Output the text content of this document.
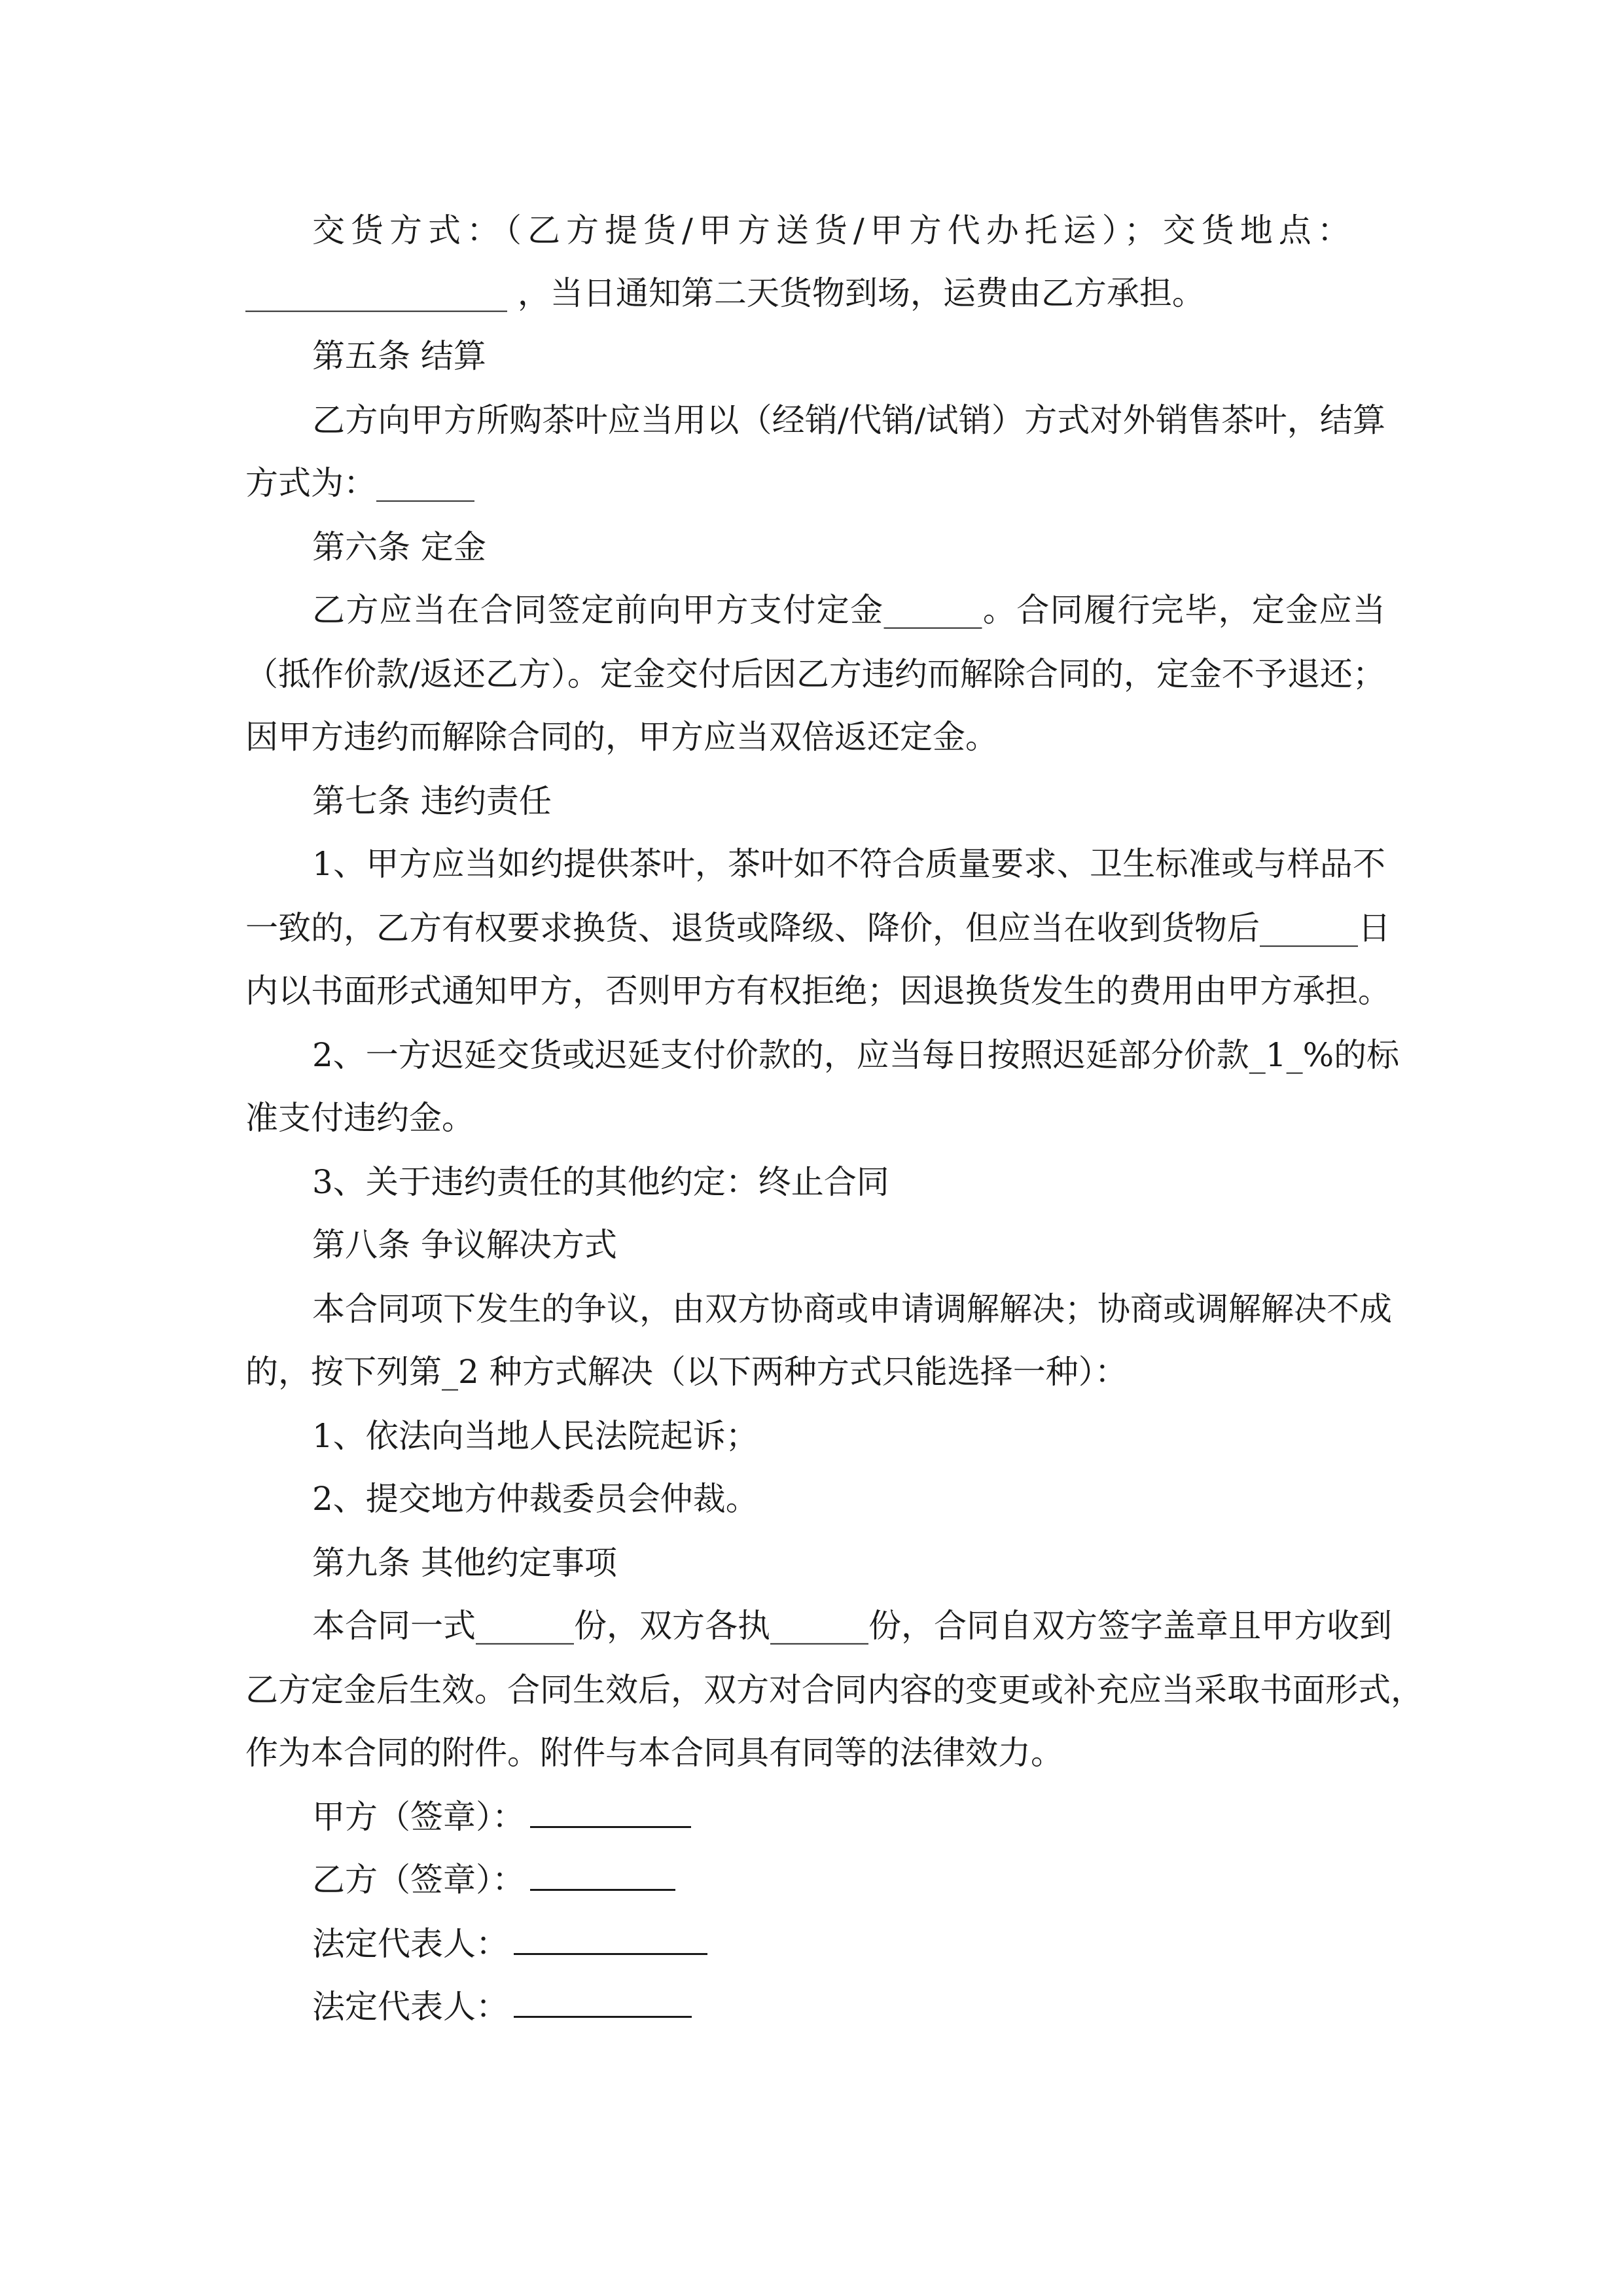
交货方式：（乙方提货/甲方送货/甲方代办托运）；交货地点：
________________ ，当日通知第二天货物到场，运费由乙方承担。
第五条 结算
乙方向甲方所购茶叶应当用以（经销/代销/试销）方式对外销售茶叶，结算
方式为：______
第六条 定金
乙方应当在合同签定前向甲方支付定金______。合同履行完毕，定金应当
（抵作价款/返还乙方）。定金交付后因乙方违约而解除合同的，定金不予退还；
因甲方违约而解除合同的，甲方应当双倍返还定金。
第七条 违约责任
1、甲方应当如约提供茶叶，茶叶如不符合质量要求、卫生标准或与样品不
一致的，乙方有权要求换货、退货或降级、降价，但应当在收到货物后______日
内以书面形式通知甲方，否则甲方有权拒绝；因退换货发生的费用由甲方承担。
2、一方迟延交货或迟延支付价款的，应当每日按照迟延部分价款_1_%的标
准支付违约金。
3、关于违约责任的其他约定：终止合同
第八条 争议解决方式
本合同项下发生的争议，由双方协商或申请调解解决；协商或调解解决不成
的，按下列第_2 种方式解决（以下两种方式只能选择一种）：
1、依法向当地人民法院起诉；
2、提交地方仲裁委员会仲裁。
第九条 其他约定事项
本合同一式______份，双方各执______份，合同自双方签字盖章且甲方收到
乙方定金后生效。合同生效后，双方对合同内容的变更或补充应当采取书面形式，
作为本合同的附件。附件与本合同具有同等的法律效力。
甲方（签章）：
乙方（签章）：
法定代表人：
法定代表人：
